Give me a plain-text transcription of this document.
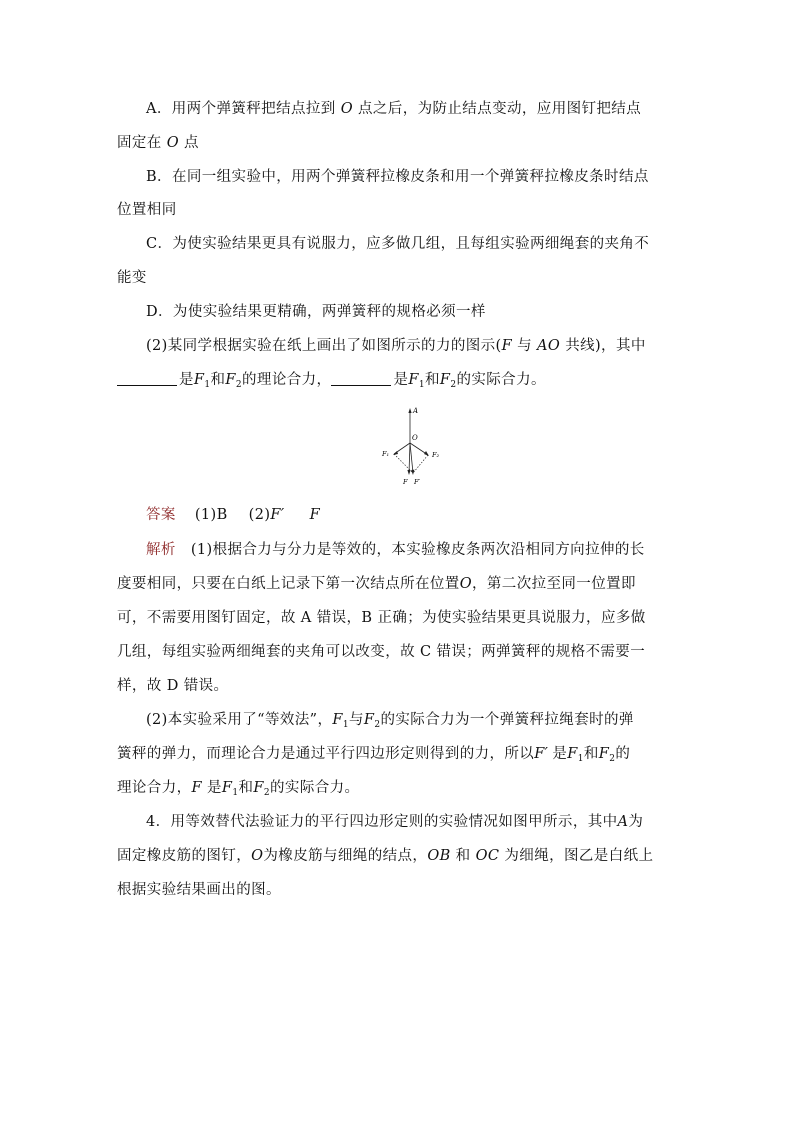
A．用两个弹簧秤把结点拉到 O 点之后，为防止结点变动，应用图钉把结点
固定在 O 点
B．在同一组实验中，用两个弹簧秤拉橡皮条和用一个弹簧秤拉橡皮条时结点
位置相同
C．为使实验结果更具有说服力，应多做几组，且每组实验两细绳套的夹角不
能变
D．为使实验结果更精确，两弹簧秤的规格必须一样
(2)某同学根据实验在纸上画出了如图所示的力的图示(F 与 AO 共线)，其中
是$F_1$和$F_2$的理论合力，	是$F_1$和$F_2$的实际合力。
A
O
F₁	F₂
F F′
答案 (1)B (2)F′ F
解析 (1)根据合力与分力是等效的，本实验橡皮条两次沿相同方向拉伸的长
度要相同，只要在白纸上记录下第一次结点所在位置O，第二次拉至同一位置即
可，不需要用图钉固定，故 A 错误，B 正确；为使实验结果更具说服力，应多做
几组，每组实验两细绳套的夹角可以改变，故 C 错误；两弹簧秤的规格不需要一
样，故 D 错误。
(2)本实验采用了“等效法”，$F_1$与$F_2$的实际合力为一个弹簧秤拉绳套时的弹
簧秤的弹力，而理论合力是通过平行四边形定则得到的力，所以F′ 是$F_1$和$F_2$的
理论合力，F 是$F_1$和$F_2$的实际合力。
4．用等效替代法验证力的平行四边形定则的实验情况如图甲所示，其中A为
固定橡皮筋的图钉，O为橡皮筋与细绳的结点，OB 和 OC 为细绳，图乙是白纸上
根据实验结果画出的图。
